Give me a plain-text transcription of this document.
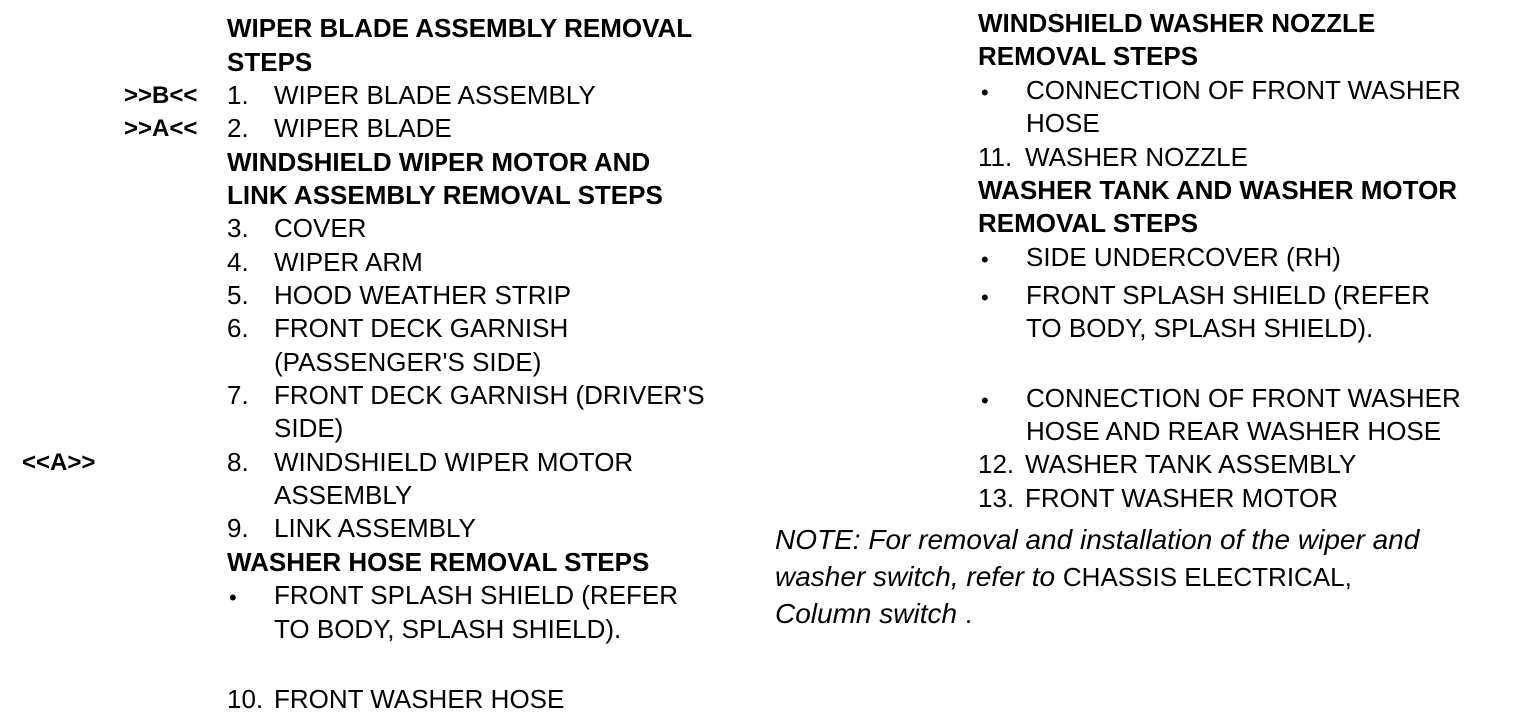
WIPER BLADE ASSEMBLY REMOVAL
STEPS
>>B<< 1. WIPER BLADE ASSEMBLY
>>A<< 2. WIPER BLADE
WINDSHIELD WIPER MOTOR AND
LINK ASSEMBLY REMOVAL STEPS
3. COVER
4. WIPER ARM
5. HOOD WEATHER STRIP
6. FRONT DECK GARNISH
(PASSENGER'S SIDE)
7. FRONT DECK GARNISH (DRIVER'S
SIDE)
<<A>>	8. WINDSHIELD WIPER MOTOR
ASSEMBLY
9. LINK ASSEMBLY
WASHER HOSE REMOVAL STEPS
• FRONT SPLASH SHIELD (REFER
TO BODY, SPLASH SHIELD).
10. FRONT WASHER HOSE
WINDSHIELD WASHER NOZZLE
REMOVAL STEPS
• CONNECTION OF FRONT WASHER
HOSE
11. WASHER NOZZLE
WASHER TANK AND WASHER MOTOR
REMOVAL STEPS
• SIDE UNDERCOVER (RH)
• FRONT SPLASH SHIELD (REFER
TO BODY, SPLASH SHIELD).
• CONNECTION OF FRONT WASHER
HOSE AND REAR WASHER HOSE
12. WASHER TANK ASSEMBLY
13. FRONT WASHER MOTOR
NOTE: For removal and installation of the wiper and
washer switch, refer to CHASSIS ELECTRICAL,
Column switch .
